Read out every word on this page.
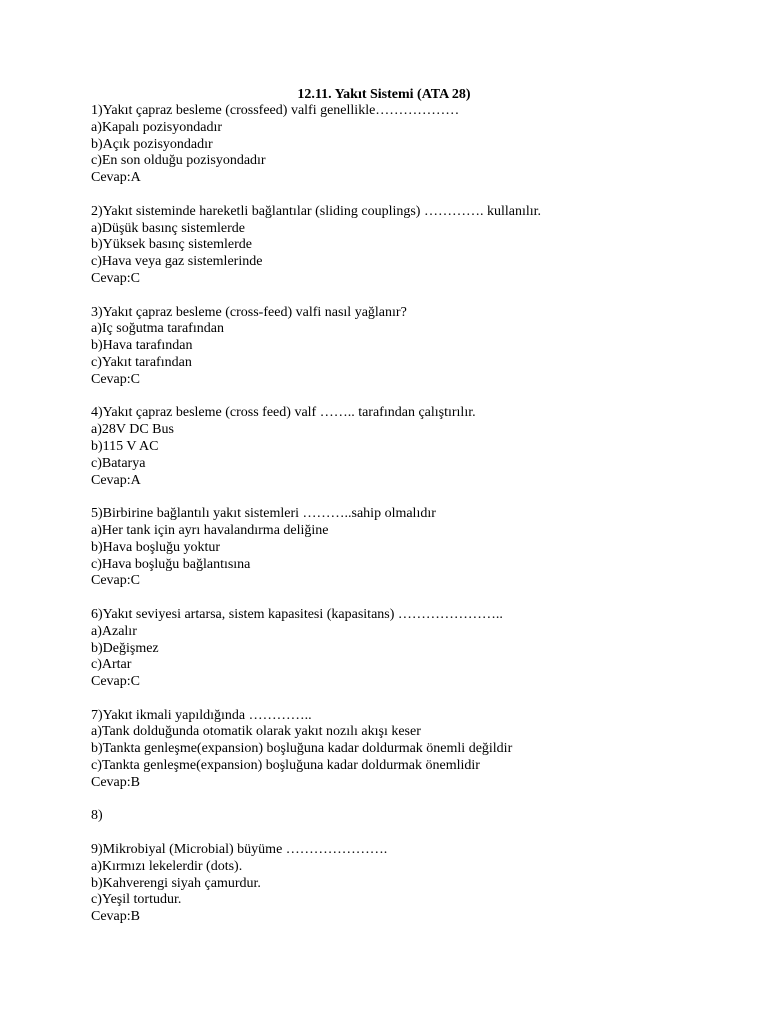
12.11. Yakıt Sistemi (ATA 28)
1)Yakıt çapraz besleme (crossfeed) valfi genellikle………………
a)Kapalı pozisyondadır
b)Açık pozisyondadır
c)En son olduğu pozisyondadır
Cevap:A
2)Yakıt sisteminde hareketli bağlantılar (sliding couplings) …………. kullanılır.
a)Düşük basınç sistemlerde
b)Yüksek basınç sistemlerde
c)Hava veya gaz sistemlerinde
Cevap:C
3)Yakıt çapraz besleme (cross-feed) valfi nasıl yağlanır?
a)Iç soğutma tarafından
b)Hava tarafından
c)Yakıt tarafından
Cevap:C
4)Yakıt çapraz besleme (cross feed) valf …….. tarafından çalıştırılır.
a)28V DC Bus
b)115 V AC
c)Batarya
Cevap:A
5)Birbirine bağlantılı yakıt sistemleri ………..sahip olmalıdır
a)Her tank için ayrı havalandırma deliğine
b)Hava boşluğu yoktur
c)Hava boşluğu bağlantısına
Cevap:C
6)Yakıt seviyesi artarsa, sistem kapasitesi (kapasitans) …………………..
a)Azalır
b)Değişmez
c)Artar
Cevap:C
7)Yakıt ikmali yapıldığında …………..
a)Tank dolduğunda otomatik olarak yakıt nozılı akışı keser
b)Tankta genleşme(expansion) boşluğuna kadar doldurmak önemli değildir
c)Tankta genleşme(expansion) boşluğuna kadar doldurmak önemlidir
Cevap:B
8)
9)Mikrobiyal (Microbial) büyüme ………………….
a)Kırmızı lekelerdir (dots).
b)Kahverengi siyah çamurdur.
c)Yeşil tortudur.
Cevap:B
